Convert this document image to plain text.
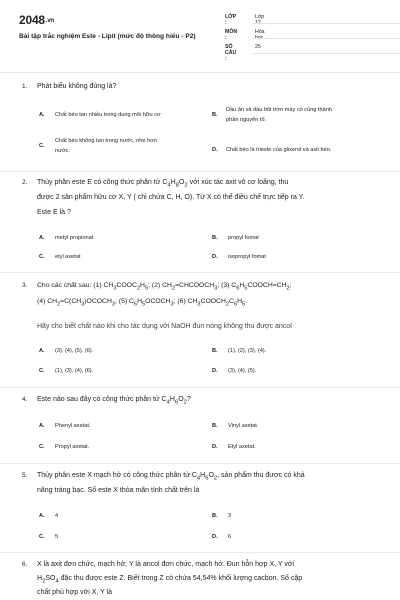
2048.vn
Bài tập trắc nghiệm Este - Lipit (mức độ thông hiểu - P2)
LỚP :
Lớp 12
MÔN :
Hóa học
SỐ CÂU :
25
1. Phát biểu không đúng là?
A. Chất béo tan nhiều trong dung môi hữu cơ	B.
Dầu ăn và dầu bôi trơn máy có cùng thành
phần nguyên tố.
C.
Chất béo không tan trong nước, nhẹ hơn
nước.	D. Chất béo là trieste của glixerol và axit béo.
2. Thủy phân este E có công thức phân tử $C_4H_8O_2$ với xúc tác axit vô cơ loãng, thu
được 2 sản phẩm hữu cơ X, Y ( chỉ chứa C, H, O). Từ X có thể điều chế trực tiếp ra Y.
Este E là ?
A. metyl propionat	B. propyl fomat
C. etyl axetat	D. isopropyl fomat
3. Cho các chất sau: (1) $CH_3COOC_2H_5$; (2) $CH_2=CHCOOCH_3$; (3) $C_6H_5COOCH=CH_2$;
(4) $CH_2=C(CH_3)OCOCH_3$; (5) $C_6H_5OCOCH_3$; (6) $CH_3COOCH_2C_6H_5$.
Hãy cho biết chất nào khi cho tác dụng với NaOH đun nóng không thu được ancol
A. (3), (4), (5), (6).	B. (1), (2), (3), (4).
C. (1), (3), (4), (6).	D. (3), (4), (5).
4. Este nào sau đây có công thức phân tử $C_4H_6O_2$?
A. Phenyl axetat.	B. Vinyl axetat.
C. Propyl axetat.	D. Etyl axetat.
5. Thủy phân este X mạch hở có công thức phân tử $C_4H_6O_2$, sản phẩm thu được có khả
năng tráng bạc. Số este X thỏa mãn tính chất trên là
A. 4	B. 3
C. 5	D. 6
6. X là axit đơn chức, mạch hở; Y là ancol đơn chức, mạch hở. Đun hỗn hợp X, Y với
$H_2SO_4$ đặc thu được este Z. Biết trong Z có chứa 54,54% khối lượng cacbon. Số cặp
chất phù hợp với X, Y là
